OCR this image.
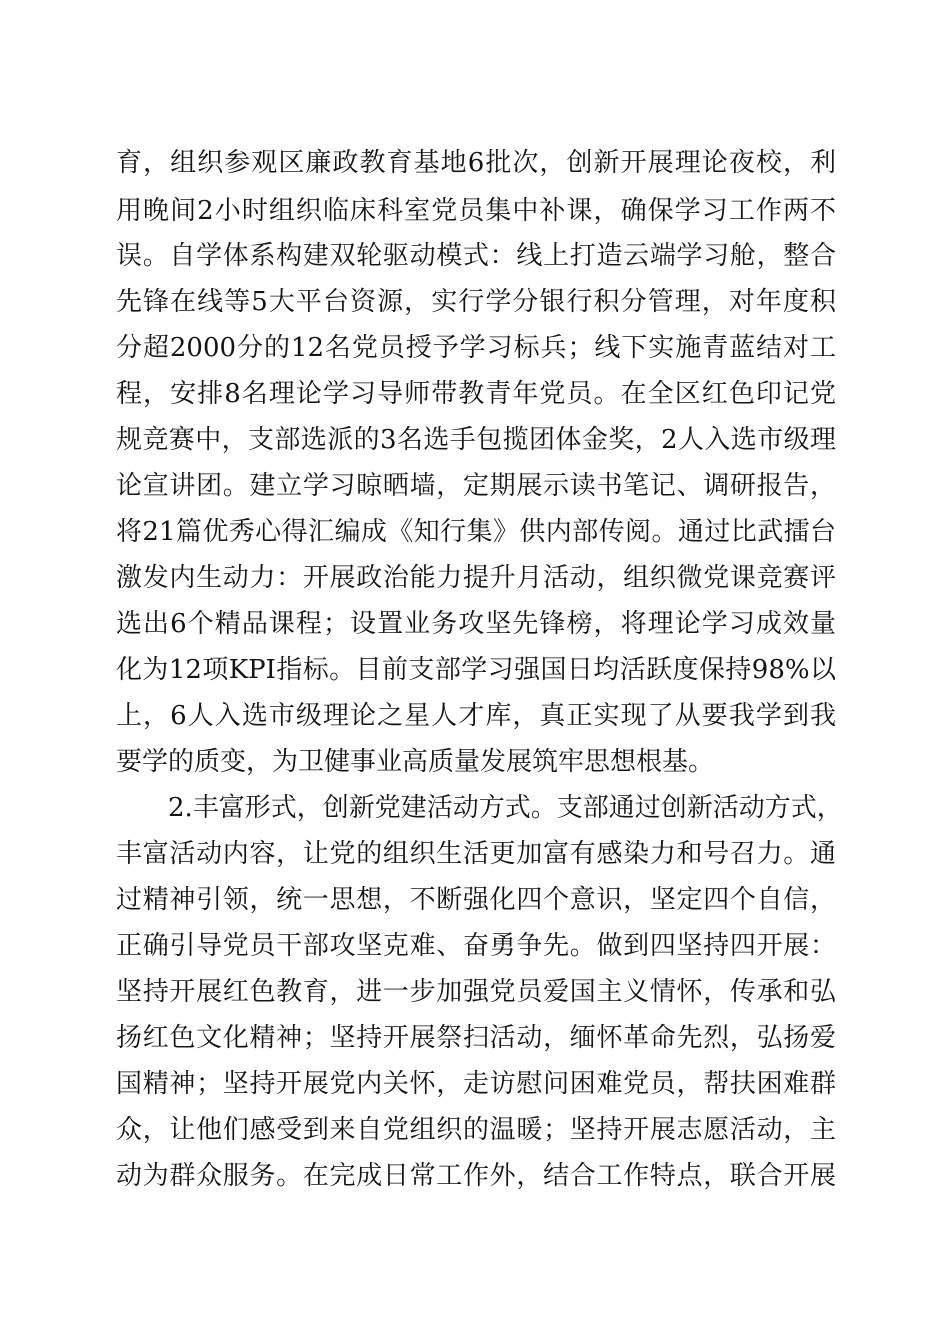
育，组织参观区廉政教育基地6批次，创新开展理论夜校，利
用晚间2小时组织临床科室党员集中补课，确保学习工作两不
误。自学体系构建双轮驱动模式：线上打造云端学习舱，整合
先锋在线等5大平台资源，实行学分银行积分管理，对年度积
分超2000分的12名党员授予学习标兵；线下实施青蓝结对工
程，安排8名理论学习导师带教青年党员。在全区红色印记党
规竞赛中，支部选派的3名选手包揽团体金奖，2人入选市级理
论宣讲团。建立学习晾晒墙，定期展示读书笔记、调研报告，
将21篇优秀心得汇编成《知行集》供内部传阅。通过比武擂台
激发内生动力：开展政治能力提升月活动，组织微党课竞赛评
选出6个精品课程；设置业务攻坚先锋榜，将理论学习成效量
化为12项KPI指标。目前支部学习强国日均活跃度保持98%以
上，6人入选市级理论之星人才库，真正实现了从要我学到我
要学的质变，为卫健事业高质量发展筑牢思想根基。
2.丰富形式，创新党建活动方式。支部通过创新活动方式，
丰富活动内容，让党的组织生活更加富有感染力和号召力。通
过精神引领，统一思想，不断强化四个意识，坚定四个自信，
正确引导党员干部攻坚克难、奋勇争先。做到四坚持四开展：
坚持开展红色教育，进一步加强党员爱国主义情怀，传承和弘
扬红色文化精神；坚持开展祭扫活动，缅怀革命先烈，弘扬爱
国精神；坚持开展党内关怀，走访慰问困难党员，帮扶困难群
众，让他们感受到来自党组织的温暖；坚持开展志愿活动，主
动为群众服务。在完成日常工作外，结合工作特点，联合开展
